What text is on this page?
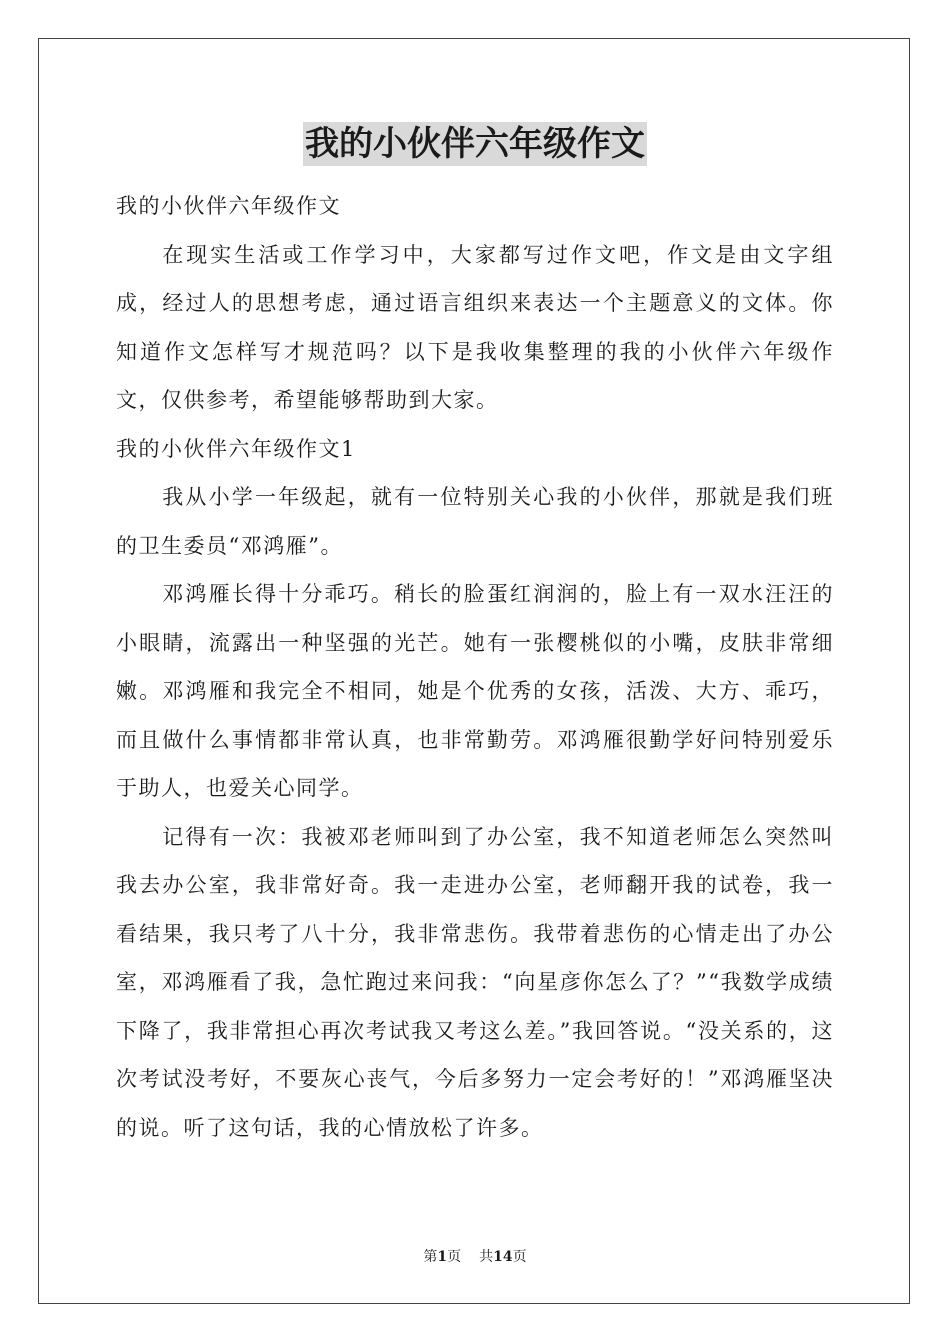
我的小伙伴六年级作文
我的小伙伴六年级作文

在现实生活或工作学习中，大家都写过作文吧，作文是由文字组成，经过人的思想考虑，通过语言组织来表达一个主题意义的文体。你知道作文怎样写才规范吗？以下是我收集整理的我的小伙伴六年级作文，仅供参考，希望能够帮助到大家。

我的小伙伴六年级作文1

我从小学一年级起，就有一位特别关心我的小伙伴，那就是我们班的卫生委员“邓鸿雁”。

邓鸿雁长得十分乖巧。稍长的脸蛋红润润的，脸上有一双水汪汪的小眼睛，流露出一种坚强的光芒。她有一张樱桃似的小嘴，皮肤非常细嫩。邓鸿雁和我完全不相同，她是个优秀的女孩，活泼、大方、乖巧，而且做什么事情都非常认真，也非常勤劳。邓鸿雁很勤学好问特别爱乐于助人，也爱关心同学。

记得有一次：我被邓老师叫到了办公室，我不知道老师怎么突然叫我去办公室，我非常好奇。我一走进办公室，老师翻开我的试卷，我一看结果，我只考了八十分，我非常悲伤。我带着悲伤的心情走出了办公室，邓鸿雁看了我，急忙跑过来问我：“向星彦你怎么了？”“我数学成绩下降了，我非常担心再次考试我又考这么差。”我回答说。“没关系的，这次考试没考好，不要灰心丧气，今后多努力一定会考好的！”邓鸿雁坚决的说。听了这句话，我的心情放松了许多。

第1页 共14页
